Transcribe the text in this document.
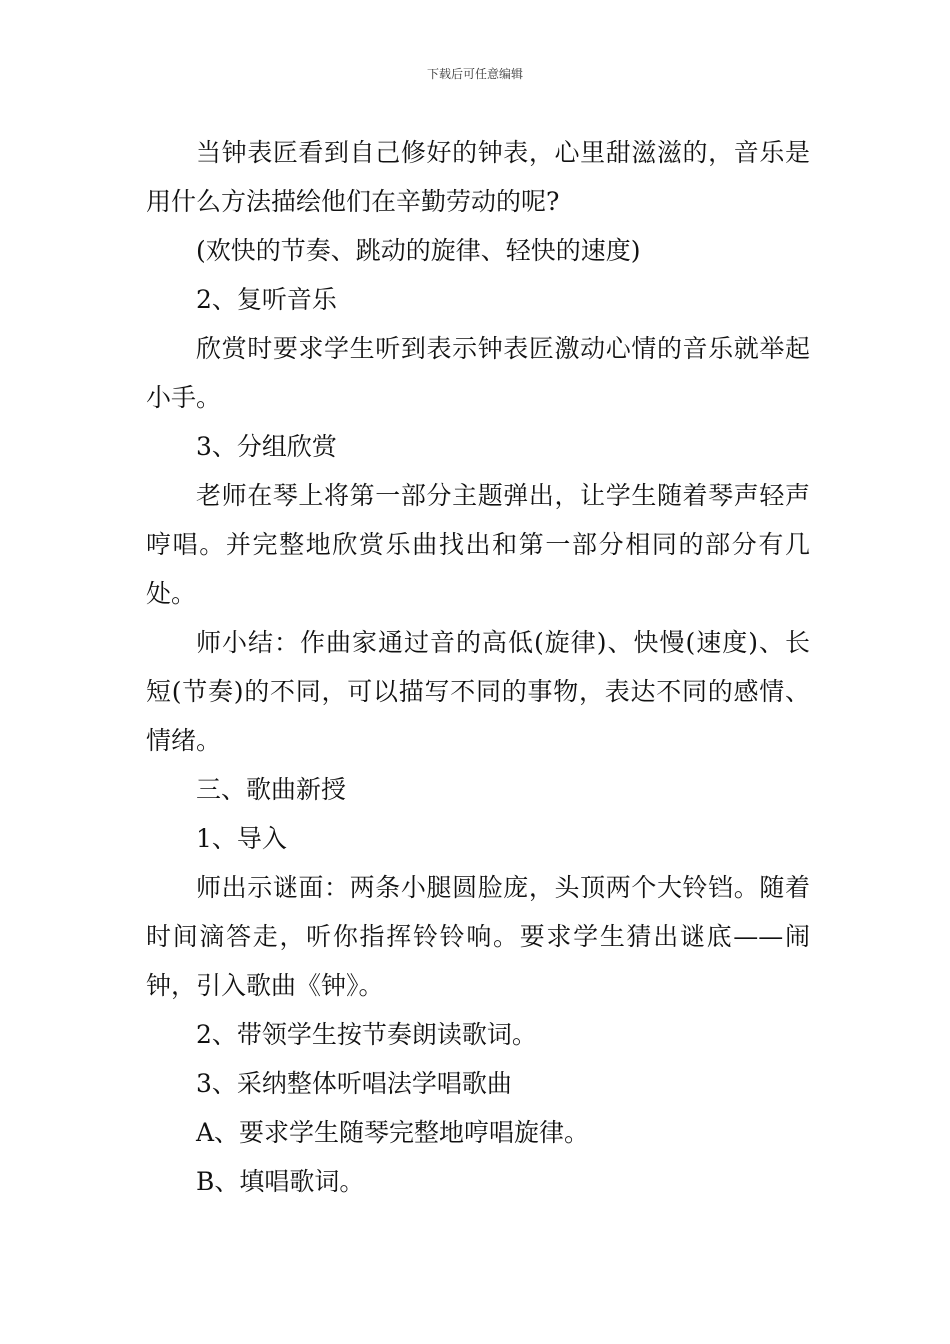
下载后可任意编辑

当钟表匠看到自己修好的钟表，心里甜滋滋的，音乐是用什么方法描绘他们在辛勤劳动的呢?

(欢快的节奏、跳动的旋律、轻快的速度)

2、复听音乐

欣赏时要求学生听到表示钟表匠激动心情的音乐就举起小手。

3、分组欣赏

老师在琴上将第一部分主题弹出，让学生随着琴声轻声哼唱。并完整地欣赏乐曲找出和第一部分相同的部分有几处。

师小结：作曲家通过音的高低(旋律)、快慢(速度)、长短(节奏)的不同，可以描写不同的事物，表达不同的感情、情绪。

三、歌曲新授

1、导入

师出示谜面：两条小腿圆脸庞，头顶两个大铃铛。随着时间滴答走，听你指挥铃铃响。要求学生猜出谜底——闹钟，引入歌曲《钟》。

2、带领学生按节奏朗读歌词。

3、采纳整体听唱法学唱歌曲

A、要求学生随琴完整地哼唱旋律。

B、填唱歌词。
